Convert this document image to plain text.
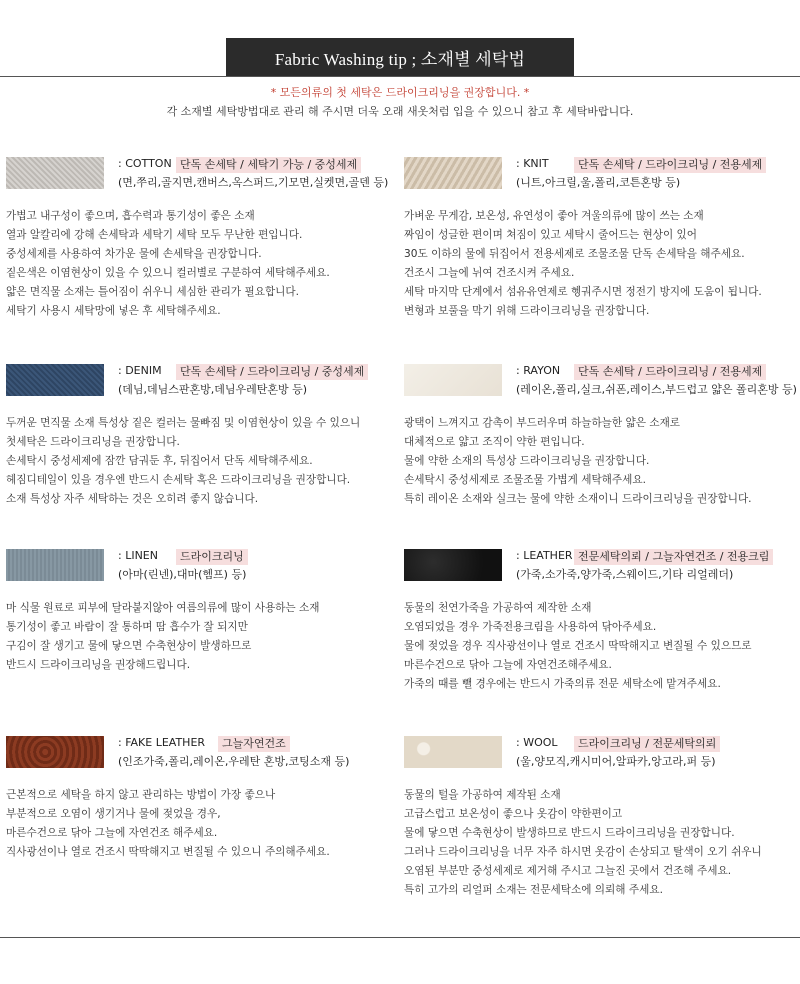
Fabric Washing tip ; 소재별 세탁법
* 모든의류의 첫 세탁은 드라이크리닝을 권장합니다. *
각 소재별 세탁방법대로 관리 해 주시면 더욱 오래 새옷처럼 입을 수 있으니 참고 후 세탁바랍니다.
: COTTON 단독 손세탁 / 세탁기 가능 / 중성세제
(면,쭈리,골지면,캔버스,옥스퍼드,기모면,실켓면,골덴 등)

가볍고 내구성이 좋으며, 흡수력과 통기성이 좋은 소재

열과 알칼리에 강해 손세탁과 세탁기 세탁 모두 무난한 편입니다.

중성세제를 사용하여 차가운 물에 손세탁을 권장합니다.

짙은색은 이염현상이 있을 수 있으니 컬러별로 구분하여 세탁해주세요.

얇은 면직물 소재는 틀어짐이 쉬우니 세심한 관리가 필요합니다.

세탁기 사용시 세탁망에 넣은 후 세탁해주세요.

: KNIT	단독 손세탁 / 드라이크리닝 / 전용세제
(니트,아크릴,울,폴리,코튼혼방 등)

가벼운 무게감, 보온성, 유연성이 좋아 겨울의류에 많이 쓰는 소재

짜임이 성글한 편이며 쳐짐이 있고 세탁시 줄어드는 현상이 있어

30도 이하의 물에 뒤집어서 전용세제로 조물조물 단독 손세탁을 해주세요.

건조시 그늘에 뉘여 건조시켜 주세요.

세탁 마지막 단계에서 섬유유연제로 헹궈주시면 정전기 방지에 도움이 됩니다.

변형과 보풀을 막기 위해 드라이크리닝을 권장합니다.

: DENIM	단독 손세탁 / 드라이크리닝 / 중성세제
(데님,데님스판혼방,데님우레탄혼방 등)

두꺼운 면직물 소재 특성상 짙은 컬러는 물빠짐 및 이염현상이 있을 수 있으니

첫세탁은 드라이크리닝을 권장합니다.

손세탁시 중성세제에 잠깐 담궈둔 후, 뒤집어서 단독 세탁해주세요.

헤짐디테일이 있을 경우엔 반드시 손세탁 혹은 드라이크리닝을 권장합니다.

소재 특성상 자주 세탁하는 것은 오히려 좋지 않습니다.

: RAYON	단독 손세탁 / 드라이크리닝 / 전용세제
(레이온,폴리,실크,쉬폰,레이스,부드럽고 얇은 폴리혼방 등)

광택이 느껴지고 감촉이 부드러우며 하늘하늘한 얇은 소재로

대체적으로 얇고 조직이 약한 편입니다.

물에 약한 소재의 특성상 드라이크리닝을 권장합니다.

손세탁시 중성세제로 조물조물 가볍게 세탁해주세요.

특히 레이온 소재와 실크는 물에 약한 소재이니 드라이크리닝을 권장합니다.

: LINEN	드라이크리닝
(아마(린넨),대마(헴프) 등)

마 식물 원료로 피부에 달라붙지않아 여름의류에 많이 사용하는 소재

통기성이 좋고 바람이 잘 통하며 땀 흡수가 잘 되지만

구김이 잘 생기고 물에 닿으면 수축현상이 발생하므로

반드시 드라이크리닝을 권장해드립니다.

: LEATHER 전문세탁의뢰 / 그늘자연건조 / 전용크림
(가죽,소가죽,양가죽,스웨이드,기타 리얼레더)

동물의 천연가죽을 가공하여 제작한 소재

오염되었을 경우 가죽전용크림을 사용하여 닦아주세요.

물에 젖었을 경우 직사광선이나 열로 건조시 딱딱해지고 변질될 수 있으므로

마른수건으로 닦아 그늘에 자연건조해주세요.

가죽의 때를 뺄 경우에는 반드시 가죽의류 전문 세탁소에 맡겨주세요.

: FAKE LEATHER	그늘자연건조
(인조가죽,폴리,레이온,우레탄 혼방,코팅소재 등)

근본적으로 세탁을 하지 않고 관리하는 방법이 가장 좋으나

부분적으로 오염이 생기거나 물에 젖었을 경우,

마른수건으로 닦아 그늘에 자연건조 해주세요.

직사광선이나 열로 건조시 딱딱해지고 변질될 수 있으니 주의해주세요.

: WOOL	드라이크리닝 / 전문세탁의뢰
(울,양모직,캐시미어,알파카,앙고라,퍼 등)

동물의 털을 가공하여 제작된 소재

고급스럽고 보온성이 좋으나 옷감이 약한편이고

물에 닿으면 수축현상이 발생하므로 반드시 드라이크리닝을 권장합니다.

그러나 드라이크리닝을 너무 자주 하시면 옷감이 손상되고 탈색이 오기 쉬우니

오염된 부분만 중성세제로 제거해 주시고 그늘진 곳에서 건조해 주세요.

특히 고가의 리얼퍼 소재는 전문세탁소에 의뢰해 주세요.
